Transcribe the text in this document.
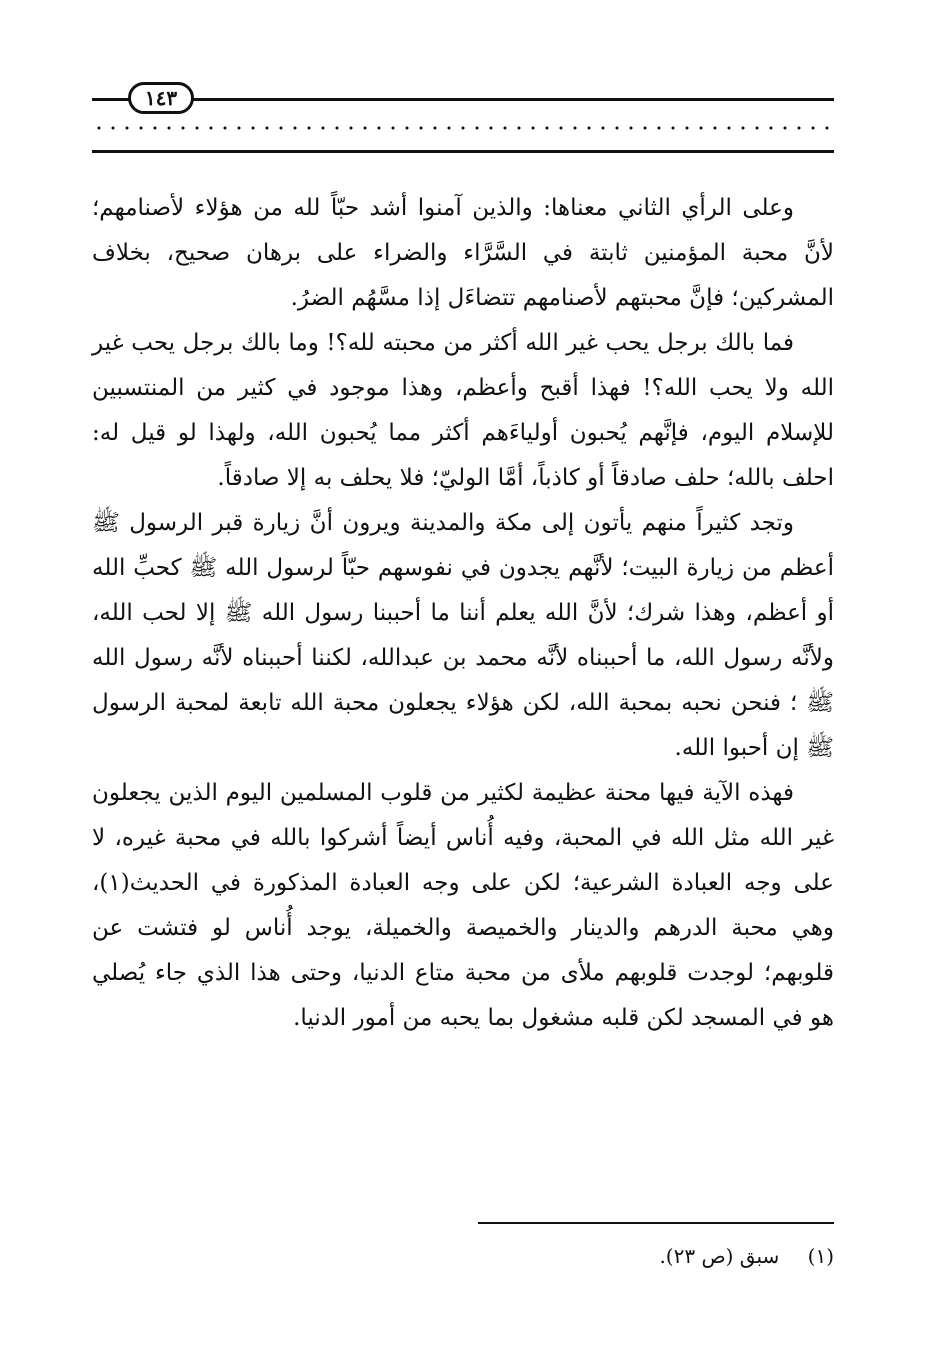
١٤٣

وعلى الرأي الثاني معناها: والذين آمنوا أشد حبّاً لله من هؤلاء لأصنامهم؛ لأنَّ محبة المؤمنين ثابتة في السَّرَّاء والضراء على برهان صحيح، بخلاف المشركين؛ فإنَّ محبتهم لأصنامهم تتضاءَل إذا مسَّهُم الضرُ.

فما بالك برجل يحب غير الله أكثر من محبته لله؟! وما بالك برجل يحب غير الله ولا يحب الله؟! فهذا أقبح وأعظم، وهذا موجود في كثير من المنتسبين للإسلام اليوم، فإنَّهم يُحبون أولياءَهم أكثر مما يُحبون الله، ولهذا لو قيل له: احلف بالله؛ حلف صادقاً أو كاذباً، أمَّا الوليّ؛ فلا يحلف به إلا صادقاً.

وتجد كثيراً منهم يأتون إلى مكة والمدينة ويرون أنَّ زيارة قبر الرسول ﷺ أعظم من زيارة البيت؛ لأنَّهم يجدون في نفوسهم حبّاً لرسول الله ﷺ كحبِّ الله أو أعظم، وهذا شرك؛ لأنَّ الله يعلم أننا ما أحببنا رسول الله ﷺ إلا لحب الله، ولأنَّه رسول الله، ما أحببناه لأنَّه محمد بن عبدالله، لكننا أحببناه لأنَّه رسول الله ﷺ ؛ فنحن نحبه بمحبة الله، لكن هؤلاء يجعلون محبة الله تابعة لمحبة الرسول ﷺ إن أحبوا الله.

فهذه الآية فيها محنة عظيمة لكثير من قلوب المسلمين اليوم الذين يجعلون غير الله مثل الله في المحبة، وفيه أُناس أيضاً أشركوا بالله في محبة غيره، لا على وجه العبادة الشرعية؛ لكن على وجه العبادة المذكورة في الحديث(١)، وهي محبة الدرهم والدينار والخميصة والخميلة، يوجد أُناس لو فتشت عن قلوبهم؛ لوجدت قلوبهم ملأى من محبة متاع الدنيا، وحتى هذا الذي جاء يُصلي هو في المسجد لكن قلبه مشغول بما يحبه من أمور الدنيا.

(١) سبق (ص ٢٣).
